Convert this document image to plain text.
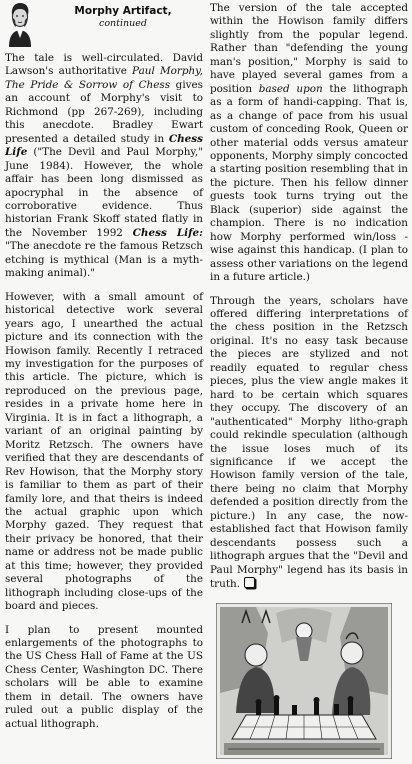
Morphy Artifact,
continued

The tale is well-circulated. David Lawson's authoritative Paul Morphy, The Pride & Sorrow of Chess gives an account of Morphy's visit to Richmond (pp 267-269), including this anecdote. Bradley Ewart presented a detailed study in Chess Life ("The Devil and Paul Morphy," June 1984). However, the whole affair has been long dismissed as apocryphal in the absence of corroborative evidence. Thus historian Frank Skoff stated flatly in the November 1992 Chess Life: "The anecdote re the famous Retzsch etching is mythical (Man is a myth-making animal)."

However, with a small amount of historical detective work several years ago, I unearthed the actual picture and its connection with the Howison family. Recently I retraced my investigation for the purposes of this article. The picture, which is reproduced on the previous page, resides in a private home here in Virginia. It is in fact a lithograph, a variant of an original painting by Moritz Retzsch. The owners have verified that they are descendants of Rev Howison, that the Morphy story is familiar to them as part of their family lore, and that theirs is indeed the actual graphic upon which Morphy gazed. They request that their privacy be honored, that their name or address not be made public at this time; however, they provided several photographs of the lithograph including close-ups of the board and pieces.

I plan to present mounted enlargements of the photographs to the US Chess Hall of Fame at the US Chess Center, Washington DC. There scholars will be able to examine them in detail. The owners have ruled out a public display of the actual lithograph.

The version of the tale accepted within the Howison family differs slightly from the popular legend. Rather than "defending the young man's position," Morphy is said to have played several games from a position based upon the lithograph as a form of handi-capping. That is, as a change of pace from his usual custom of conceding Rook, Queen or other material odds versus amateur opponents, Morphy simply concocted a starting position resembling that in the picture. Then his fellow dinner guests took turns trying out the Black (superior) side against the champion. There is no indication how Morphy performed win/loss - wise against this handicap. (I plan to assess other variations on the legend in a future article.)

Through the years, scholars have offered differing interpretations of the chess position in the Retzsch original. It's no easy task because the pieces are stylized and not readily equated to regular chess pieces, plus the view angle makes it hard to be certain which squares they occupy. The discovery of an "authenticated" Morphy litho-graph could rekindle speculation (although the issue loses much of its significance if we accept the Howison family version of the tale, there being no claim that Morphy defended a position directly from the picture.) In any case, the now-established fact that Howison family descendants possess such a lithograph argues that the "Devil and Paul Morphy" legend has its basis in truth.
